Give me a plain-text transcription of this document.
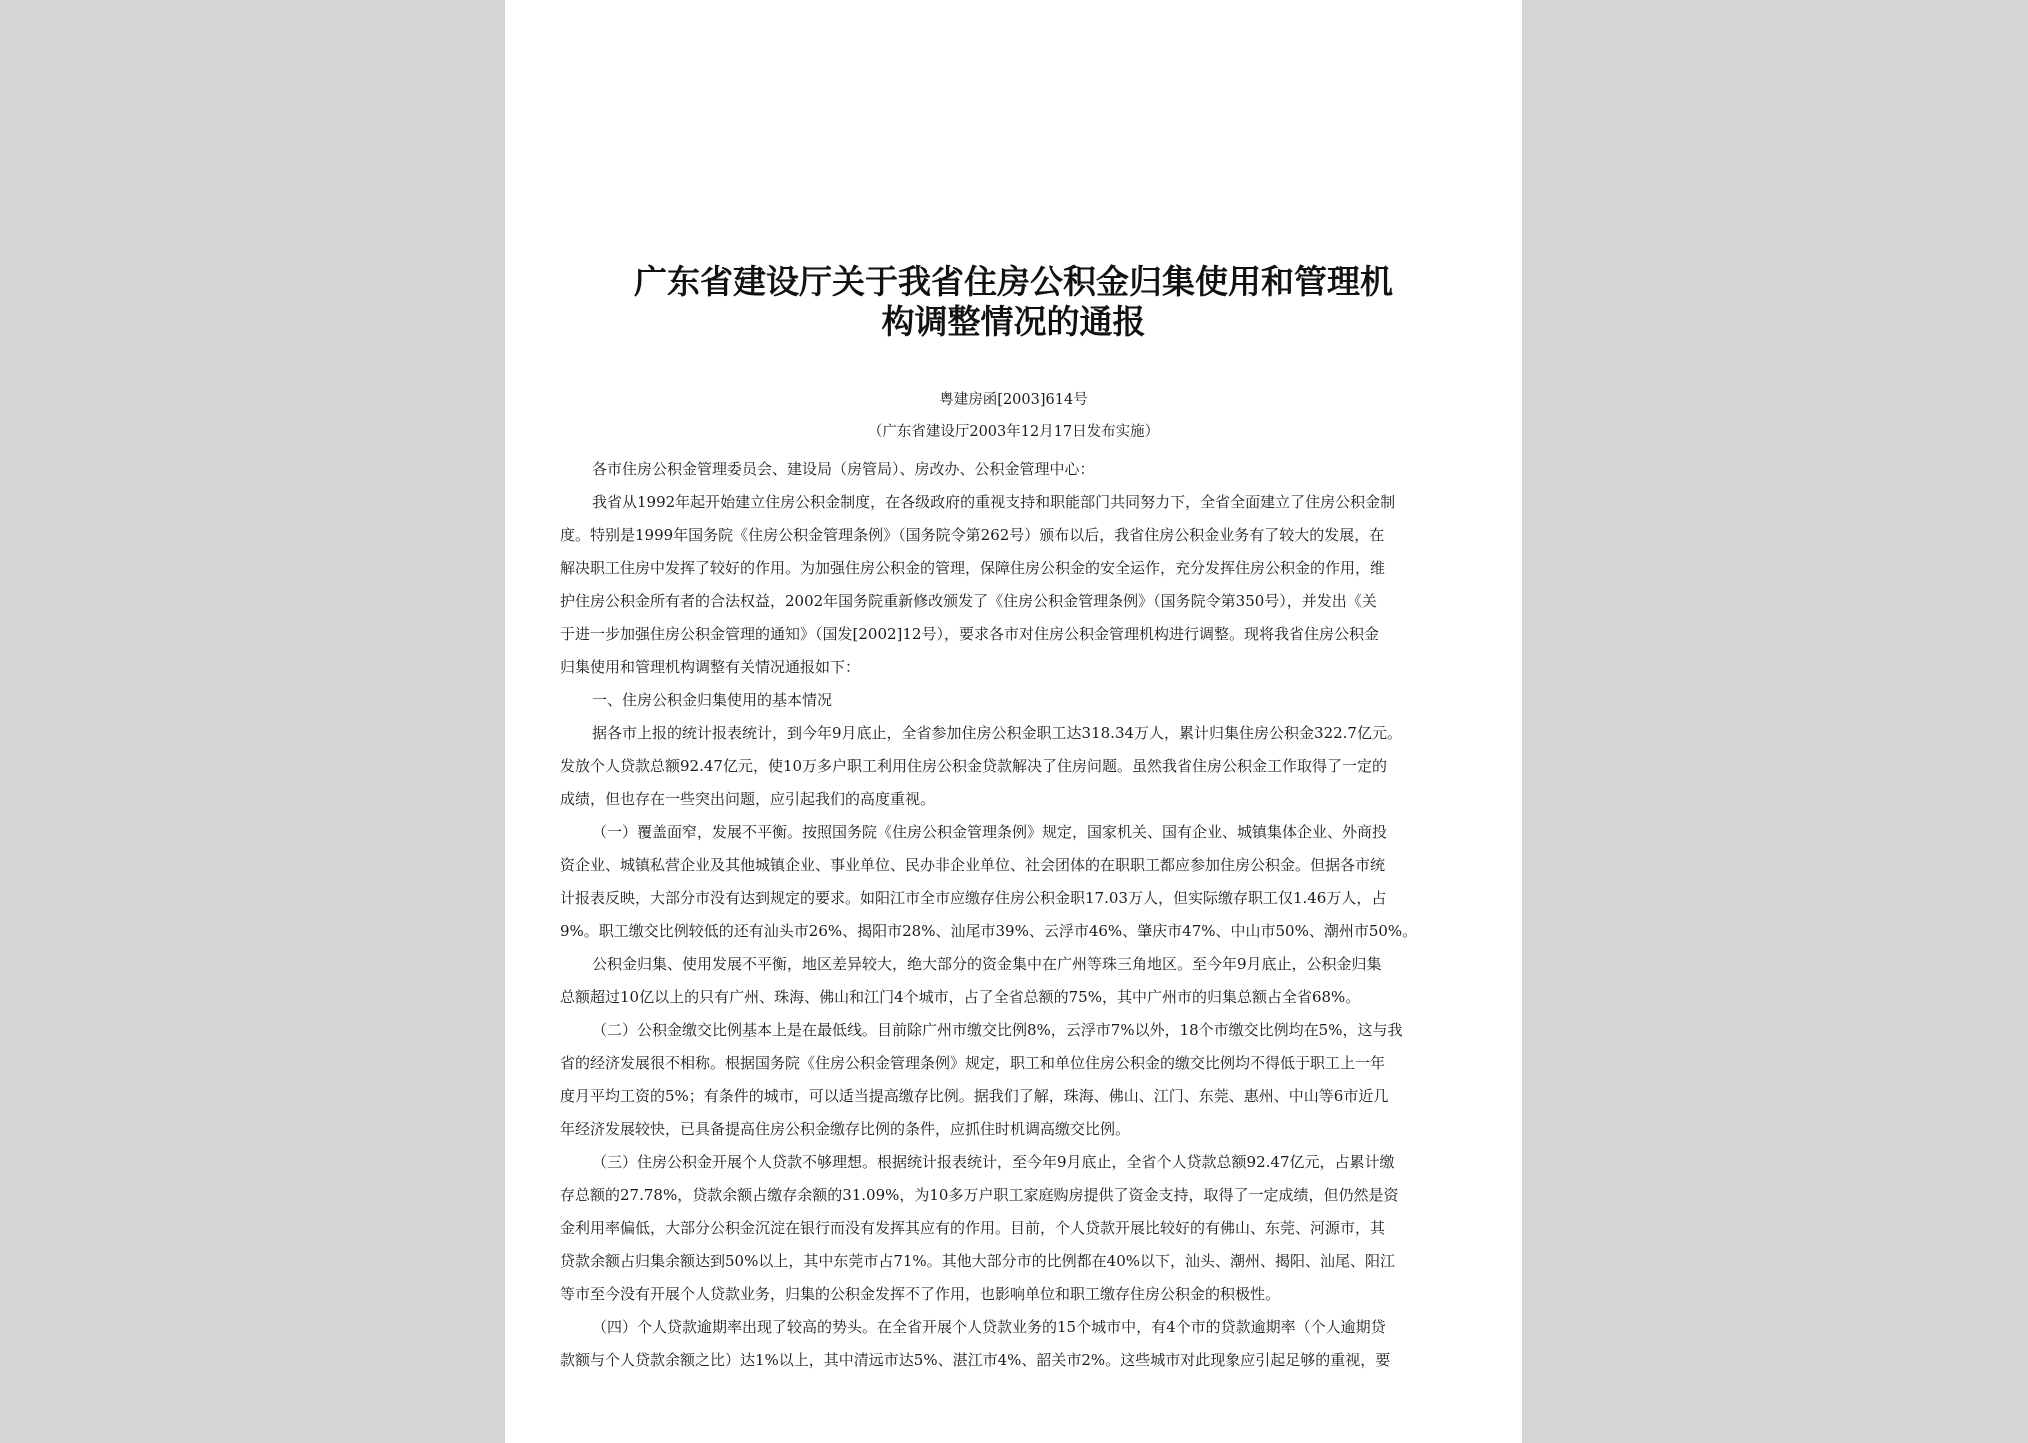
广东省建设厅关于我省住房公积金归集使用和管理机
构调整情况的通报
粤建房函[2003]614号
（广东省建设厅2003年12月17日发布实施）
各市住房公积金管理委员会、建设局（房管局）、房改办、公积金管理中心：
我省从1992年起开始建立住房公积金制度，在各级政府的重视支持和职能部门共同努力下，全省全面建立了住房公积金制
度。特别是1999年国务院《住房公积金管理条例》（国务院令第262号）颁布以后，我省住房公积金业务有了较大的发展，在
解决职工住房中发挥了较好的作用。为加强住房公积金的管理，保障住房公积金的安全运作，充分发挥住房公积金的作用，维
护住房公积金所有者的合法权益，2002年国务院重新修改颁发了《住房公积金管理条例》（国务院令第350号），并发出《关
于进一步加强住房公积金管理的通知》（国发[2002]12号），要求各市对住房公积金管理机构进行调整。现将我省住房公积金
归集使用和管理机构调整有关情况通报如下：
一、住房公积金归集使用的基本情况
据各市上报的统计报表统计，到今年9月底止，全省参加住房公积金职工达318.34万人，累计归集住房公积金322.7亿元。
发放个人贷款总额92.47亿元，使10万多户职工利用住房公积金贷款解决了住房问题。虽然我省住房公积金工作取得了一定的
成绩，但也存在一些突出问题，应引起我们的高度重视。
（一）覆盖面窄，发展不平衡。按照国务院《住房公积金管理条例》规定，国家机关、国有企业、城镇集体企业、外商投
资企业、城镇私营企业及其他城镇企业、事业单位、民办非企业单位、社会团体的在职职工都应参加住房公积金。但据各市统
计报表反映，大部分市没有达到规定的要求。如阳江市全市应缴存住房公积金职17.03万人，但实际缴存职工仅1.46万人，占
9%。职工缴交比例较低的还有汕头市26%、揭阳市28%、汕尾市39%、云浮市46%、肇庆市47%、中山市50%、潮州市50%。
公积金归集、使用发展不平衡，地区差异较大，绝大部分的资金集中在广州等珠三角地区。至今年9月底止，公积金归集
总额超过10亿以上的只有广州、珠海、佛山和江门4个城市，占了全省总额的75%，其中广州市的归集总额占全省68%。
（二）公积金缴交比例基本上是在最低线。目前除广州市缴交比例8%，云浮市7%以外，18个市缴交比例均在5%，这与我
省的经济发展很不相称。根据国务院《住房公积金管理条例》规定，职工和单位住房公积金的缴交比例均不得低于职工上一年
度月平均工资的5%；有条件的城市，可以适当提高缴存比例。据我们了解，珠海、佛山、江门、东莞、惠州、中山等6市近几
年经济发展较快，已具备提高住房公积金缴存比例的条件，应抓住时机调高缴交比例。
（三）住房公积金开展个人贷款不够理想。根据统计报表统计，至今年9月底止，全省个人贷款总额92.47亿元，占累计缴
存总额的27.78%，贷款余额占缴存余额的31.09%，为10多万户职工家庭购房提供了资金支持，取得了一定成绩，但仍然是资
金利用率偏低，大部分公积金沉淀在银行而没有发挥其应有的作用。目前，个人贷款开展比较好的有佛山、东莞、河源市，其
贷款余额占归集余额达到50%以上，其中东莞市占71%。其他大部分市的比例都在40%以下，汕头、潮州、揭阳、汕尾、阳江
等市至今没有开展个人贷款业务，归集的公积金发挥不了作用，也影响单位和职工缴存住房公积金的积极性。
（四）个人贷款逾期率出现了较高的势头。在全省开展个人贷款业务的15个城市中，有4个市的贷款逾期率（个人逾期贷
款额与个人贷款余额之比）达1%以上，其中清远市达5%、湛江市4%、韶关市2%。这些城市对此现象应引起足够的重视，要
